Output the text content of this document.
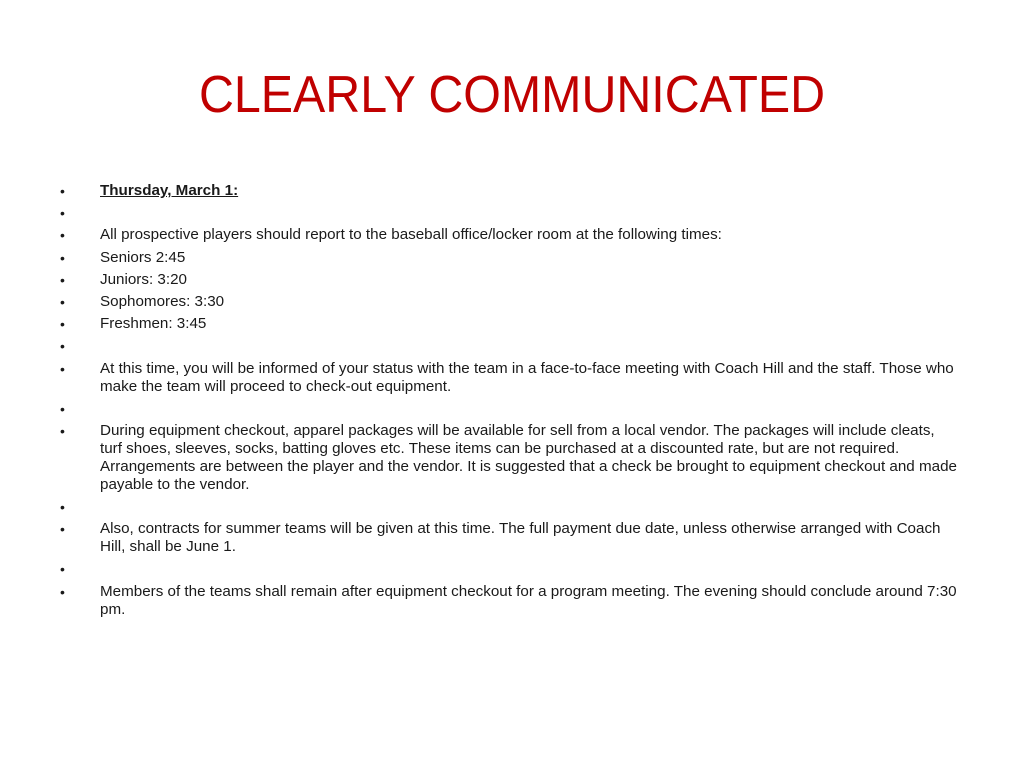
CLEARLY COMMUNICATED
•	Thursday, March 1:
•
•	All prospective players should report to the baseball office/locker room at the following times:
•	Seniors 2:45
•	Juniors: 3:20
•	Sophomores: 3:30
•	Freshmen: 3:45
•
•	At this time, you will be informed of your status with the team in a face-to-face meeting with Coach Hill and the staff. Those who make the team will proceed to check-out equipment.
•
•	During equipment checkout, apparel packages will be available for sell from a local vendor. The packages will include cleats, turf shoes, sleeves, socks, batting gloves etc. These items can be purchased at a discounted rate, but are not required. Arrangements are between the player and the vendor. It is suggested that a check be brought to equipment checkout and made payable to the vendor.
•
•	Also, contracts for summer teams will be given at this time. The full payment due date, unless otherwise arranged with Coach Hill, shall be June 1.
•
•	Members of the teams shall remain after equipment checkout for a program meeting. The evening should conclude around 7:30 pm.
